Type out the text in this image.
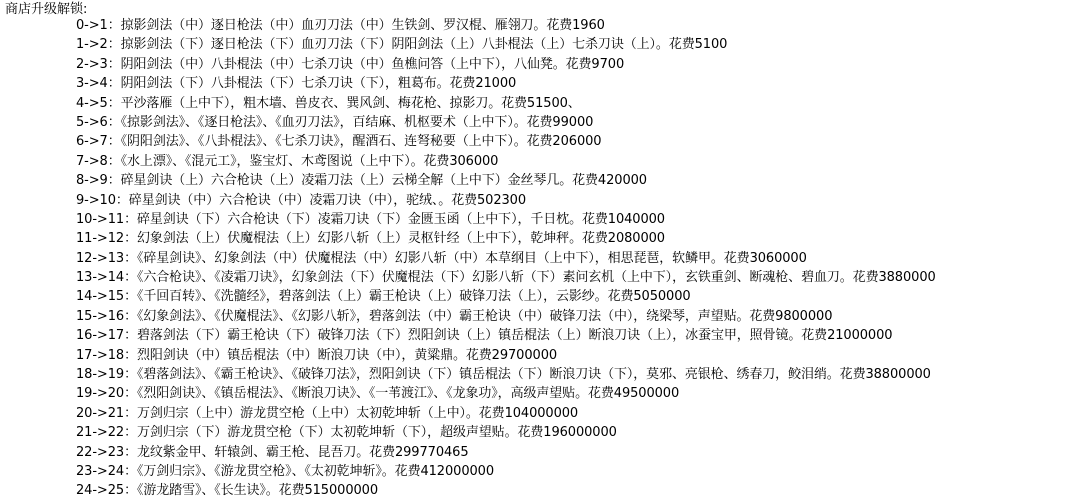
商店升级解锁:
0->1：掠影剑法（中）逐日枪法（中）血刃刀法（中）生铁剑、罗汉棍、雁翎刀。花费1960
1->2：掠影剑法（下）逐日枪法（下）血刃刀法（下）阴阳剑法（上）八卦棍法（上）七杀刀诀（上）。花费5100
2->3：阴阳剑法（中）八卦棍法（中）七杀刀诀（中）鱼樵问答（上中下），八仙凳。花费9700
3->4：阴阳剑法（下）八卦棍法（下）七杀刀诀（下），粗葛布。花费21000
4->5：平沙落雁（上中下），粗木墙、兽皮衣、巽风剑、梅花枪、掠影刀。花费51500、
5->6：《掠影剑法》、《逐日枪法》、《血刃刀法》，百结麻、机枢要术（上中下）。花费99000
6->7：《阴阳剑法》、《八卦棍法》、《七杀刀诀》，醒酒石、连弩秘要（上中下）。花费206000
7->8：《水上漂》、《混元工》，鉴宝灯、木鸢图说（上中下）。花费306000
8->9：碎星剑诀（上）六合枪诀（上）凌霜刀法（上）云梯全解（上中下）金丝琴几。花费420000
9->10：碎星剑诀（中）六合枪诀（中）凌霜刀诀（中），驼绒、。花费502300
10->11：碎星剑诀（下）六合枪诀（下）凌霜刀诀（下）金匮玉函（上中下），千日枕。花费1040000
11->12：幻象剑法（上）伏魔棍法（上）幻影八斩（上）灵枢针经（上中下），乾坤秤。花费2080000
12->13：《碎星剑诀》、幻象剑法（中）伏魔棍法（中）幻影八斩（中）本草纲目（上中下），相思琵琶，软鳞甲。花费3060000
13->14：《六合枪诀》、《凌霜刀诀》，幻象剑法（下）伏魔棍法（下）幻影八斩（下）素问玄机（上中下），玄铁重剑、断魂枪、碧血刀。花费3880000
14->15：《千回百转》、《洗髓经》，碧落剑法（上）霸王枪诀（上）破锋刀法（上），云影纱。花费5050000
15->16：《幻象剑法》、《伏魔棍法》、《幻影八斩》，碧落剑法（中）霸王枪诀（中）破锋刀法（中），绕梁琴，声望贴。花费9800000
16->17：碧落剑法（下）霸王枪诀（下）破锋刀法（下）烈阳剑诀（上）镇岳棍法（上）断浪刀诀（上），冰蚕宝甲，照骨镜。花费21000000
17->18：烈阳剑诀（中）镇岳棍法（中）断浪刀诀（中），黄粱鼎。花费29700000
18->19：《碧落剑法》、《霸王枪诀》、《破锋刀法》，烈阳剑诀（下）镇岳棍法（下）断浪刀诀（下），莫邪、亮银枪、绣春刀，鲛泪绡。花费38800000
19->20：《烈阳剑诀》、《镇岳棍法》、《断浪刀诀》、《一苇渡江》、《龙象功》，高级声望贴。花费49500000
20->21：万剑归宗（上中）游龙贯空枪（上中）太初乾坤斩（上中）。花费104000000
21->22：万剑归宗（下）游龙贯空枪（下）太初乾坤斩（下），超级声望贴。花费196000000
22->23：龙纹紫金甲、轩辕剑、霸王枪、昆吾刀。花费299770465
23->24：《万剑归宗》、《游龙贯空枪》、《太初乾坤斩》。花费412000000
24->25：《游龙踏雪》、《长生诀》。花费515000000
